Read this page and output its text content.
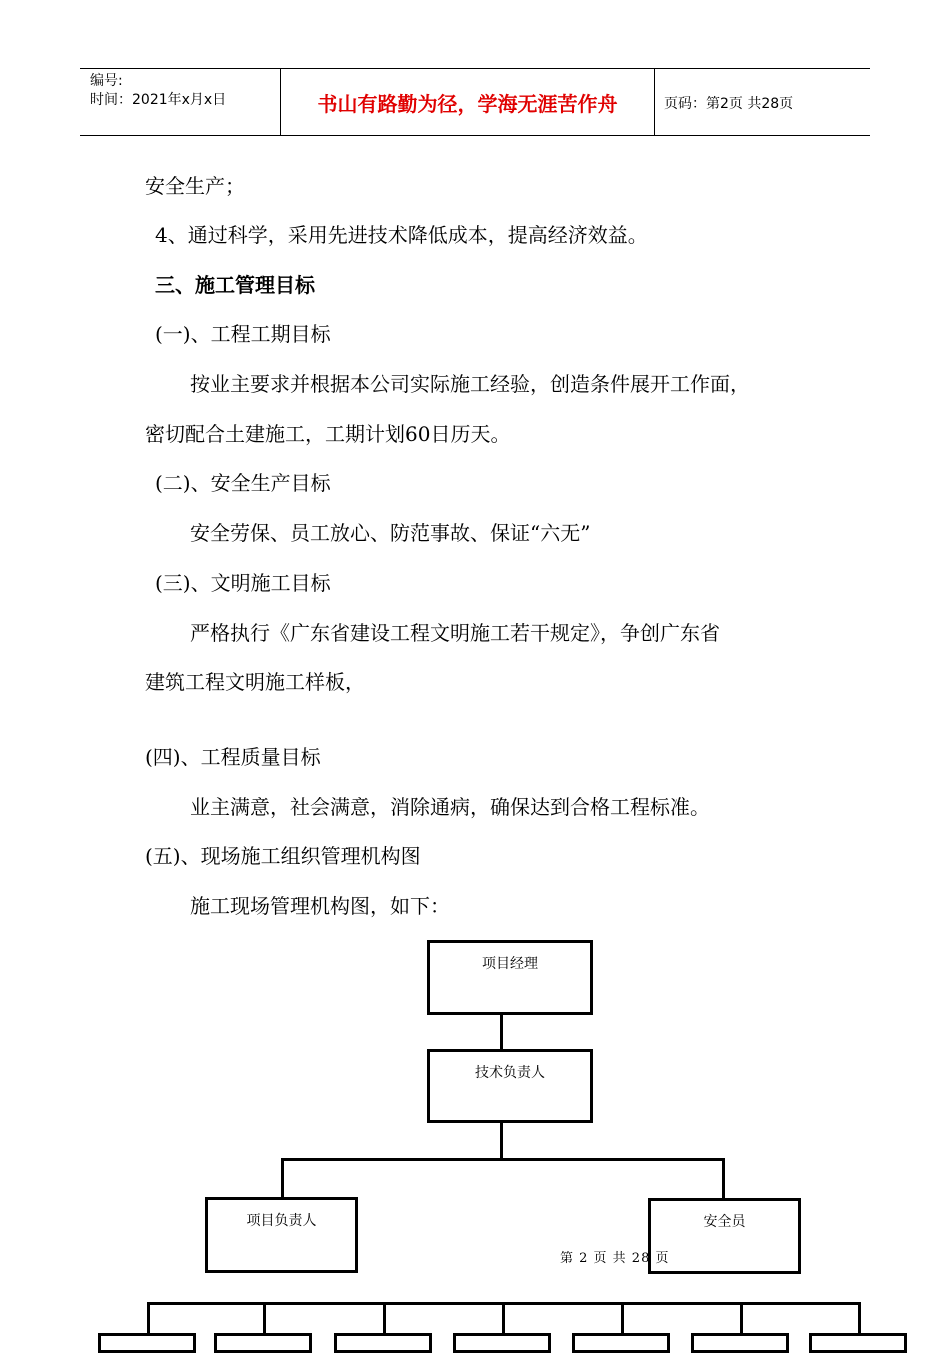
编号:
时间：2021年x月x日	书山有路勤为径，学海无涯苦作舟	页码：第2页 共28页
安全生产；
4、通过科学，采用先进技术降低成本，提高经济效益。
三、施工管理目标
(一)、工程工期目标
按业主要求并根据本公司实际施工经验，创造条件展开工作面，
密切配合土建施工，工期计划60日历天。
(二)、安全生产目标
安全劳保、员工放心、防范事故、保证“六无”
(三)、文明施工目标
严格执行《广东省建设工程文明施工若干规定》，争创广东省
建筑工程文明施工样板，
(四)、工程质量目标
业主满意，社会满意，消除通病，确保达到合格工程标准。
(五)、现场施工组织管理机构图
施工现场管理机构图，如下：
项目经理
技术负责人
项目负责人	安全员
第 2 页 共 28 页
